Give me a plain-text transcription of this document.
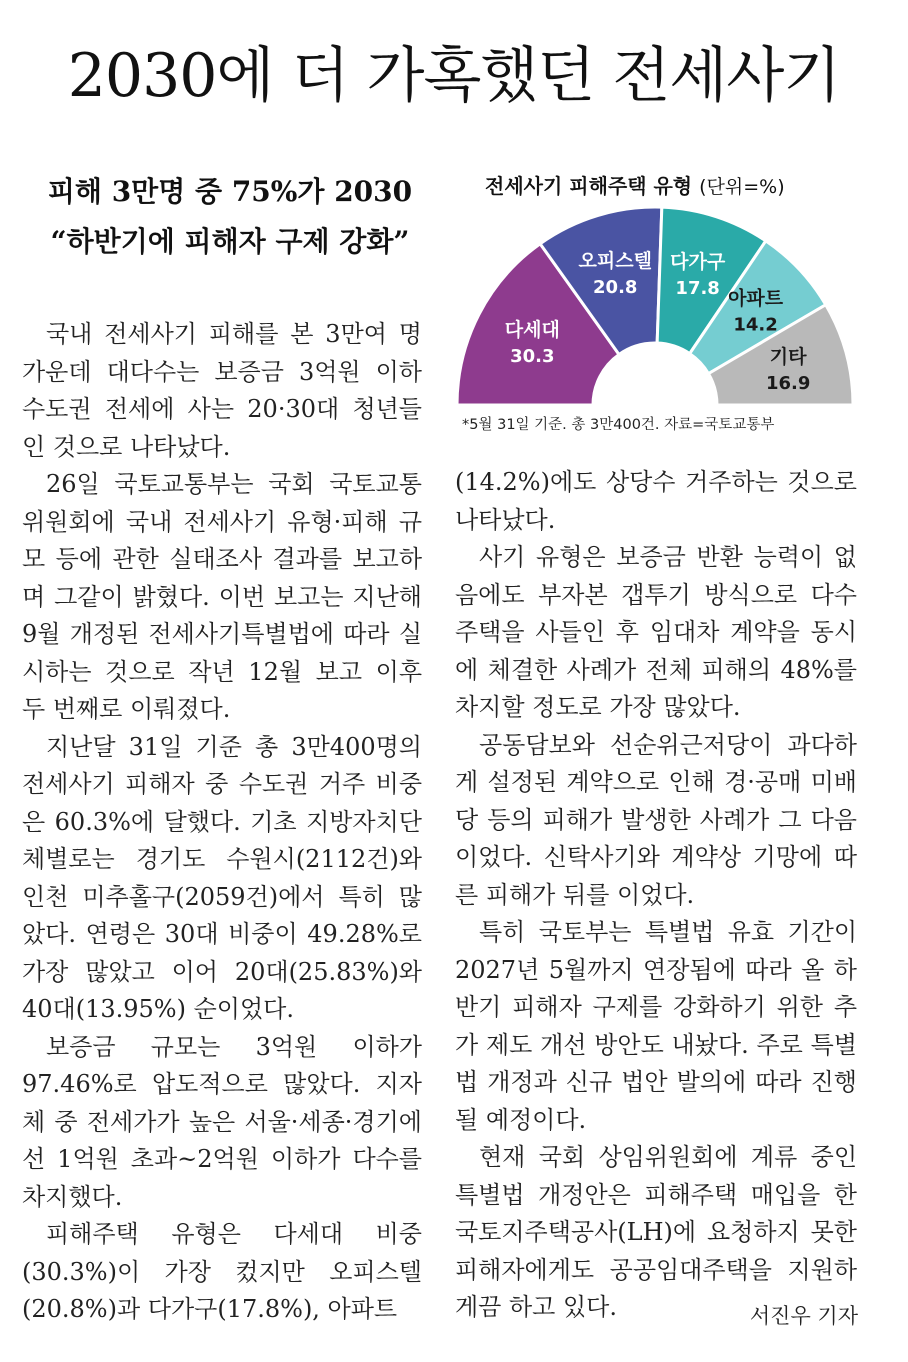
2030에 더 가혹했던 전세사기
피해 3만명 중 75%가 2030
“하반기에 피해자 구제 강화”

국내 전세사기 피해를 본 3만여 명 가운데 대다수는 보증금 3억원 이하 수도권 전세에 사는 20·30대 청년들인 것으로 나타났다.

26일 국토교통부는 국회 국토교통위원회에 국내 전세사기 유형·피해 규모 등에 관한 실태조사 결과를 보고하며 그같이 밝혔다. 이번 보고는 지난해 9월 개정된 전세사기특별법에 따라 실시하는 것으로 작년 12월 보고 이후 두 번째로 이뤄졌다.

지난달 31일 기준 총 3만400명의 전세사기 피해자 중 수도권 거주 비중은 60.3%에 달했다. 기초 지방자치단체별로는 경기도 수원시(2112건)와 인천 미추홀구(2059건)에서 특히 많았다. 연령은 30대 비중이 49.28%로 가장 많았고 이어 20대(25.83%)와 40대(13.95%) 순이었다.

보증금 규모는 3억원 이하가 97.46%로 압도적으로 많았다. 지자체 중 전세가가 높은 서울·세종·경기에선 1억원 초과~2억원 이하가 다수를 차지했다.

피해주택 유형은 다세대 비중(30.3%)이 가장 컸지만 오피스텔(20.8%)과 다가구(17.8%), 아파트

다세대
30.3
오피스텔
20.8
다가구
17.8 아파트
14.2
기타
16.9
전세사기 피해주택 유형 (단위=%)
*5월 31일 기준. 총 3만400건. 자료=국토교통부

(14.2%)에도 상당수 거주하는 것으로 나타났다.

사기 유형은 보증금 반환 능력이 없음에도 부자본 갭투기 방식으로 다수 주택을 사들인 후 임대차 계약을 동시에 체결한 사례가 전체 피해의 48%를 차지할 정도로 가장 많았다.

공동담보와 선순위근저당이 과다하게 설정된 계약으로 인해 경·공매 미배당 등의 피해가 발생한 사례가 그 다음이었다. 신탁사기와 계약상 기망에 따른 피해가 뒤를 이었다.

특히 국토부는 특별법 유효 기간이 2027년 5월까지 연장됨에 따라 올 하반기 피해자 구제를 강화하기 위한 추가 제도 개선 방안도 내놨다. 주로 특별법 개정과 신규 법안 발의에 따라 진행될 예정이다.

현재 국회 상임위원회에 계류 중인 특별법 개정안은 피해주택 매입을 한 국토지주택공사(LH)에 요청하지 못한 피해자에게도 공공임대주택을 지원하게끔 하고 있다.	서진우 기자
